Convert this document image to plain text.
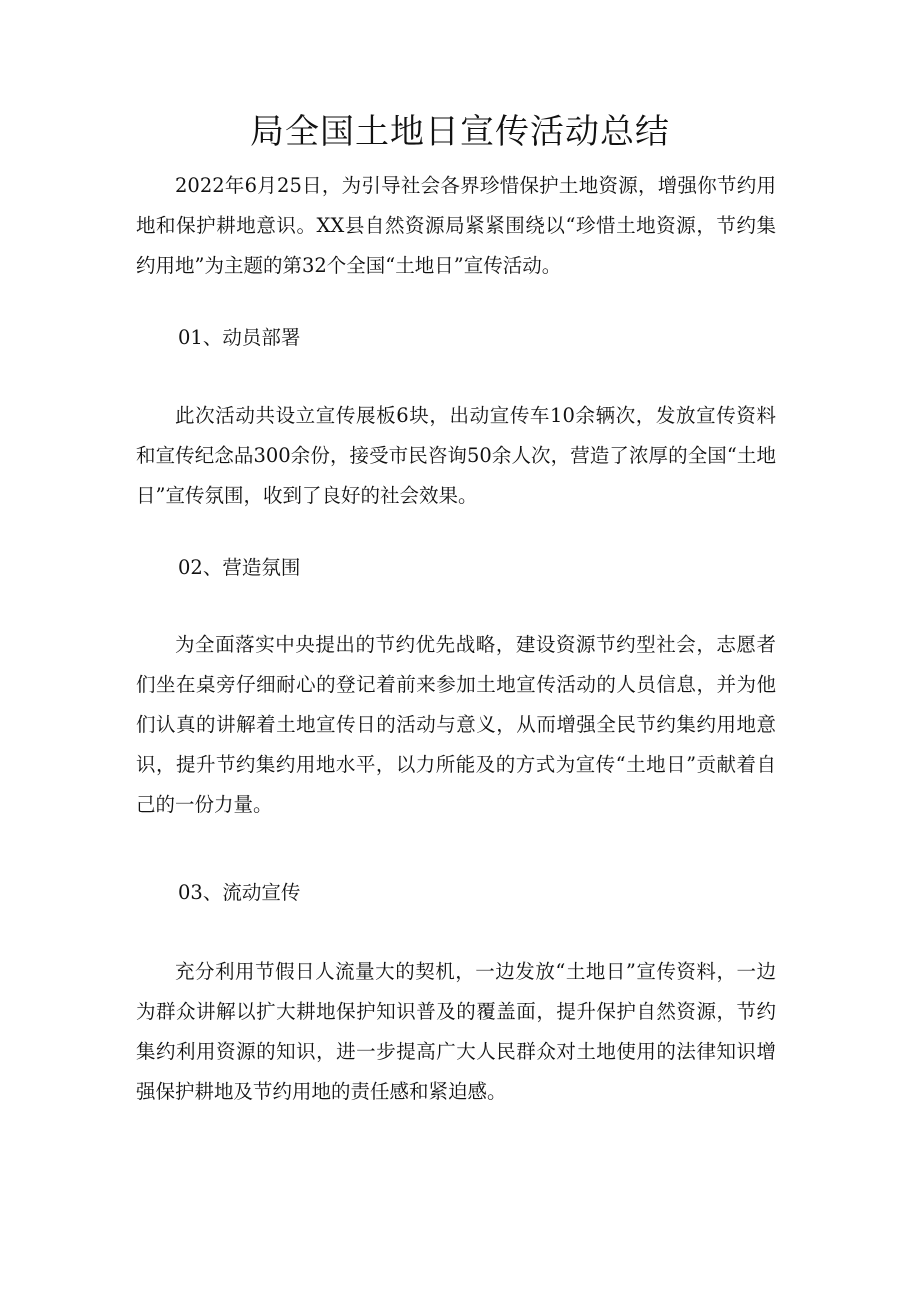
局全国土地日宣传活动总结

2022年6月25日，为引导社会各界珍惜保护土地资源，增强你节约用地和保护耕地意识。XX县自然资源局紧紧围绕以“珍惜土地资源，节约集约用地”为主题的第32个全国“土地日”宣传活动。

01、动员部署

此次活动共设立宣传展板6块，出动宣传车10余辆次，发放宣传资料和宣传纪念品300余份，接受市民咨询50余人次，营造了浓厚的全国“土地日”宣传氛围，收到了良好的社会效果。

02、营造氛围

为全面落实中央提出的节约优先战略，建设资源节约型社会，志愿者们坐在桌旁仔细耐心的登记着前来参加土地宣传活动的人员信息，并为他们认真的讲解着土地宣传日的活动与意义，从而增强全民节约集约用地意识，提升节约集约用地水平，以力所能及的方式为宣传“土地日”贡献着自己的一份力量。

03、流动宣传

充分利用节假日人流量大的契机，一边发放“土地日”宣传资料，一边为群众讲解以扩大耕地保护知识普及的覆盖面，提升保护自然资源，节约集约利用资源的知识，进一步提高广大人民群众对土地使用的法律知识增强保护耕地及节约用地的责任感和紧迫感。
